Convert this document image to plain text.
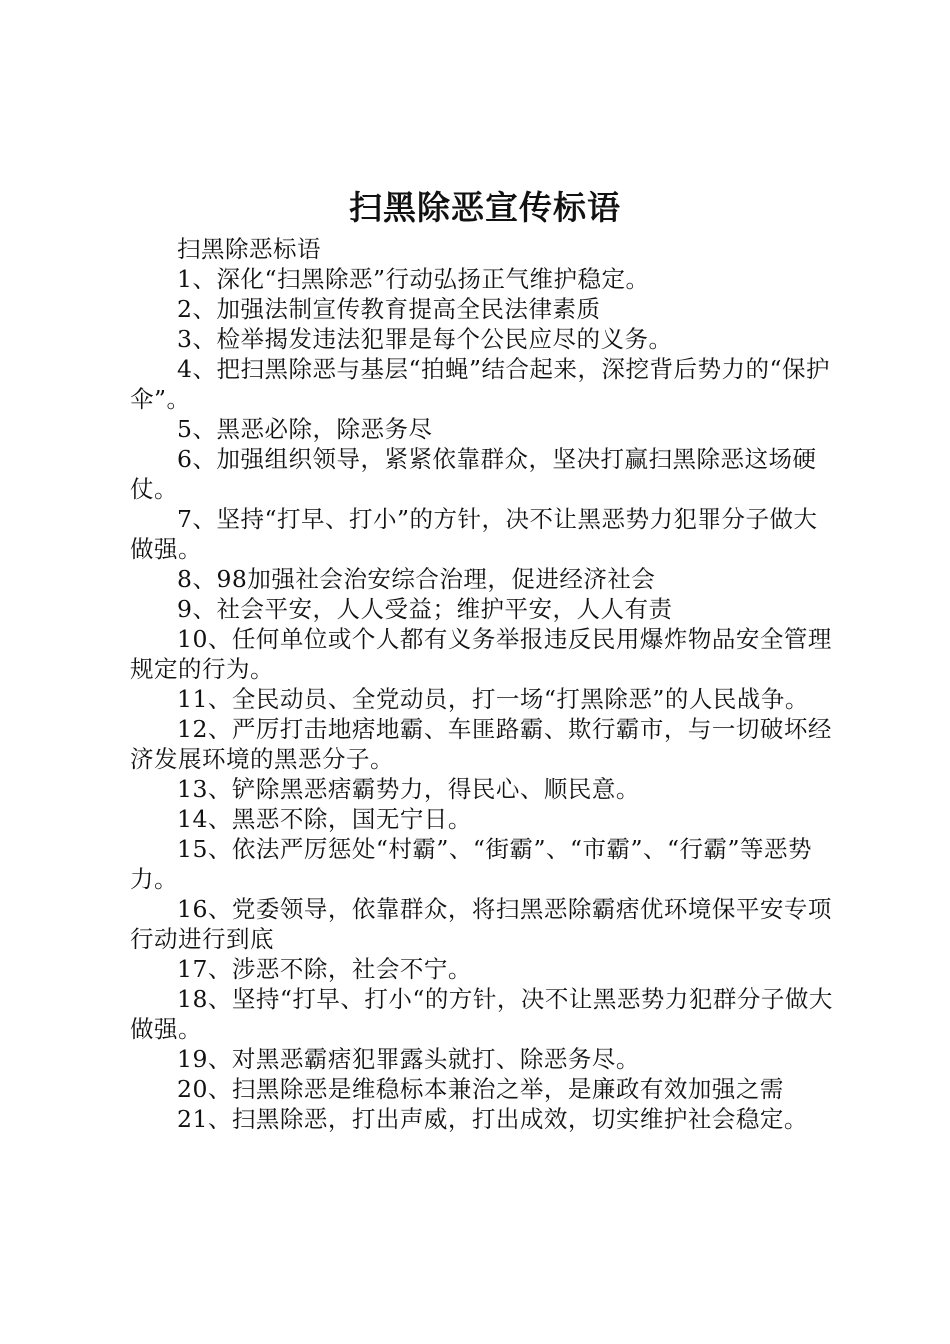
扫黑除恶宣传标语

扫黑除恶标语

1、深化“扫黑除恶”行动弘扬正气维护稳定。

2、加强法制宣传教育提高全民法律素质

3、检举揭发违法犯罪是每个公民应尽的义务。

4、把扫黑除恶与基层“拍蝇”结合起来，深挖背后势力的“保护伞”。

5、黑恶必除，除恶务尽

6、加强组织领导，紧紧依靠群众，坚决打赢扫黑除恶这场硬仗。

7、坚持“打早、打小”的方针，决不让黑恶势力犯罪分子做大做强。

8、98加强社会治安综合治理，促进经济社会

9、社会平安，人人受益；维护平安，人人有责

10、任何单位或个人都有义务举报违反民用爆炸物品安全管理规定的行为。

11、全民动员、全党动员，打一场“打黑除恶”的人民战争。

12、严厉打击地痞地霸、车匪路霸、欺行霸市，与一切破坏经济发展环境的黑恶分子。

13、铲除黑恶痞霸势力，得民心、顺民意。

14、黑恶不除，国无宁日。

15、依法严厉惩处“村霸”、“街霸”、“市霸”、“行霸”等恶势力。

16、党委领导，依靠群众，将扫黑恶除霸痞优环境保平安专项行动进行到底

17、涉恶不除，社会不宁。

18、坚持“打早、打小“的方针，决不让黑恶势力犯群分子做大做强。

19、对黑恶霸痞犯罪露头就打、除恶务尽。

20、扫黑除恶是维稳标本兼治之举，是廉政有效加强之需

21、扫黑除恶，打出声威，打出成效，切实维护社会稳定。
